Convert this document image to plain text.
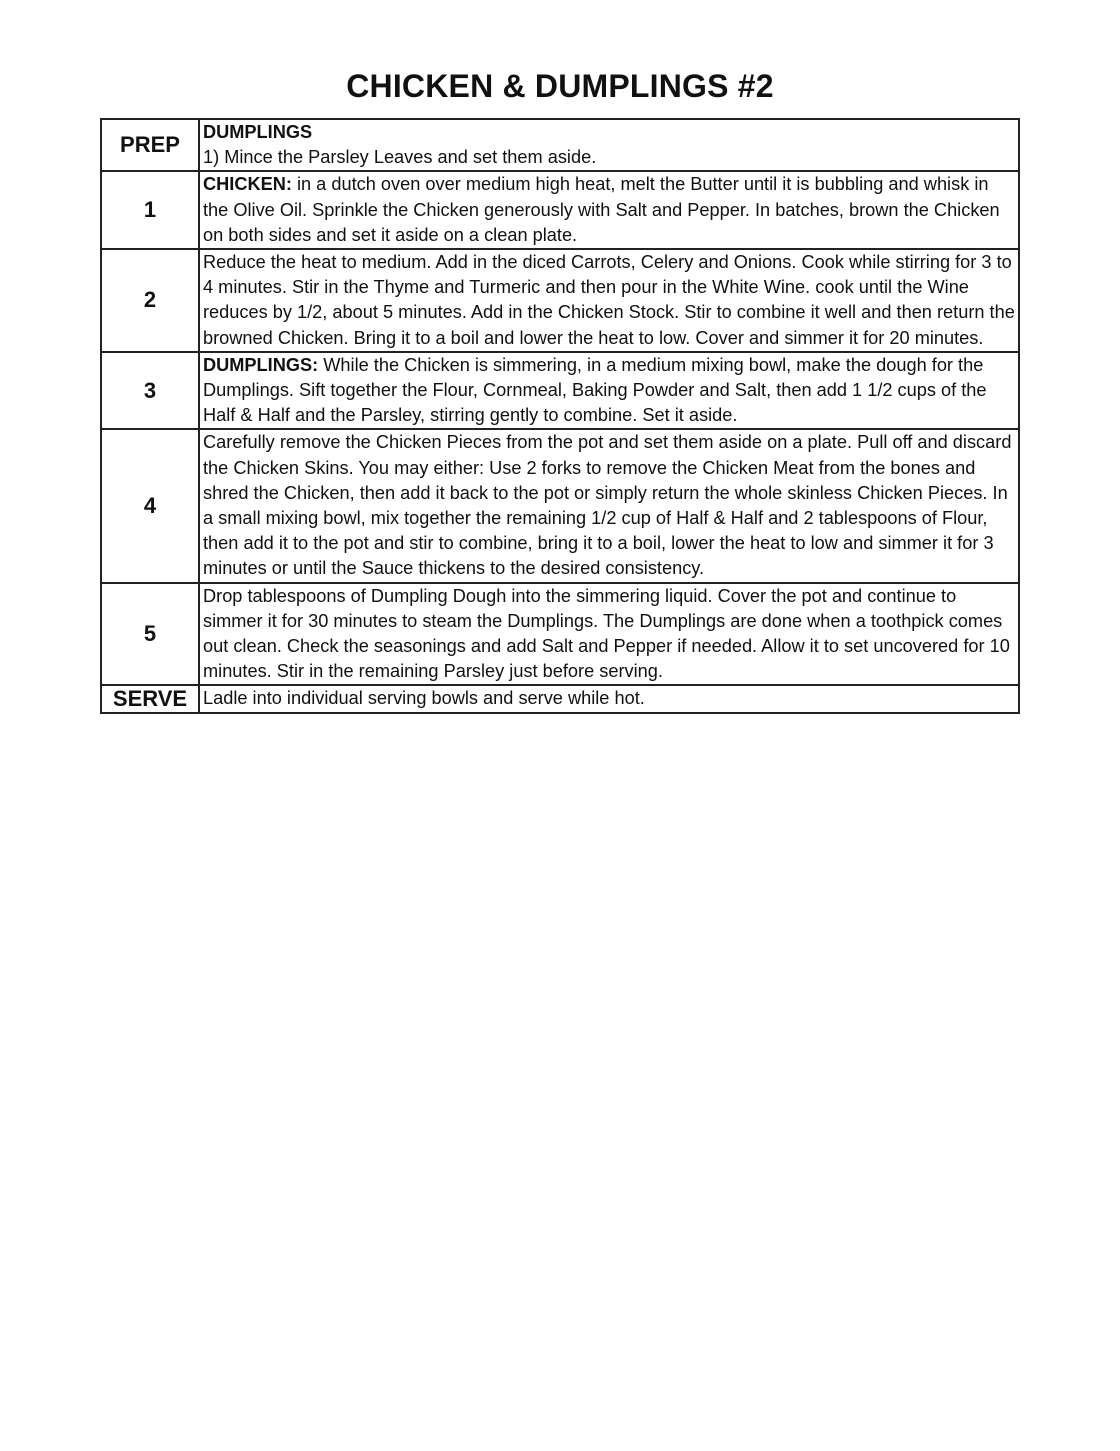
CHICKEN & DUMPLINGS #2
PREP	DUMPLINGS
1) Mince the Parsley Leaves and set them aside.

1	CHICKEN: in a dutch oven over medium high heat, melt the Butter until it is bubbling and whisk in the Olive Oil. Sprinkle the Chicken generously with Salt and Pepper. In batches, brown the Chicken on both sides and set it aside on a clean plate.
2	Reduce the heat to medium. Add in the diced Carrots, Celery and Onions. Cook while stirring for 3 to 4 minutes. Stir in the Thyme and Turmeric and then pour in the White Wine. cook until the Wine reduces by 1/2, about 5 minutes. Add in the Chicken Stock. Stir to combine it well and then return the browned Chicken. Bring it to a boil and lower the heat to low. Cover and simmer it for 20 minutes.
3	DUMPLINGS: While the Chicken is simmering, in a medium mixing bowl, make the dough for the Dumplings. Sift together the Flour, Cornmeal, Baking Powder and Salt, then add 1 1/2 cups of the Half & Half and the Parsley, stirring gently to combine. Set it aside.
4	Carefully remove the Chicken Pieces from the pot and set them aside on a plate. Pull off and discard the Chicken Skins. You may either: Use 2 forks to remove the Chicken Meat from the bones and shred the Chicken, then add it back to the pot or simply return the whole skinless Chicken Pieces. In a small mixing bowl, mix together the remaining 1/2 cup of Half & Half and 2 tablespoons of Flour, then add it to the pot and stir to combine, bring it to a boil, lower the heat to low and simmer it for 3 minutes or until the Sauce thickens to the desired consistency.
5	Drop tablespoons of Dumpling Dough into the simmering liquid. Cover the pot and continue to simmer it for 30 minutes to steam the Dumplings. The Dumplings are done when a toothpick comes out clean. Check the seasonings and add Salt and Pepper if needed. Allow it to set uncovered for 10 minutes. Stir in the remaining Parsley just before serving.
SERVE	Ladle into individual serving bowls and serve while hot.
